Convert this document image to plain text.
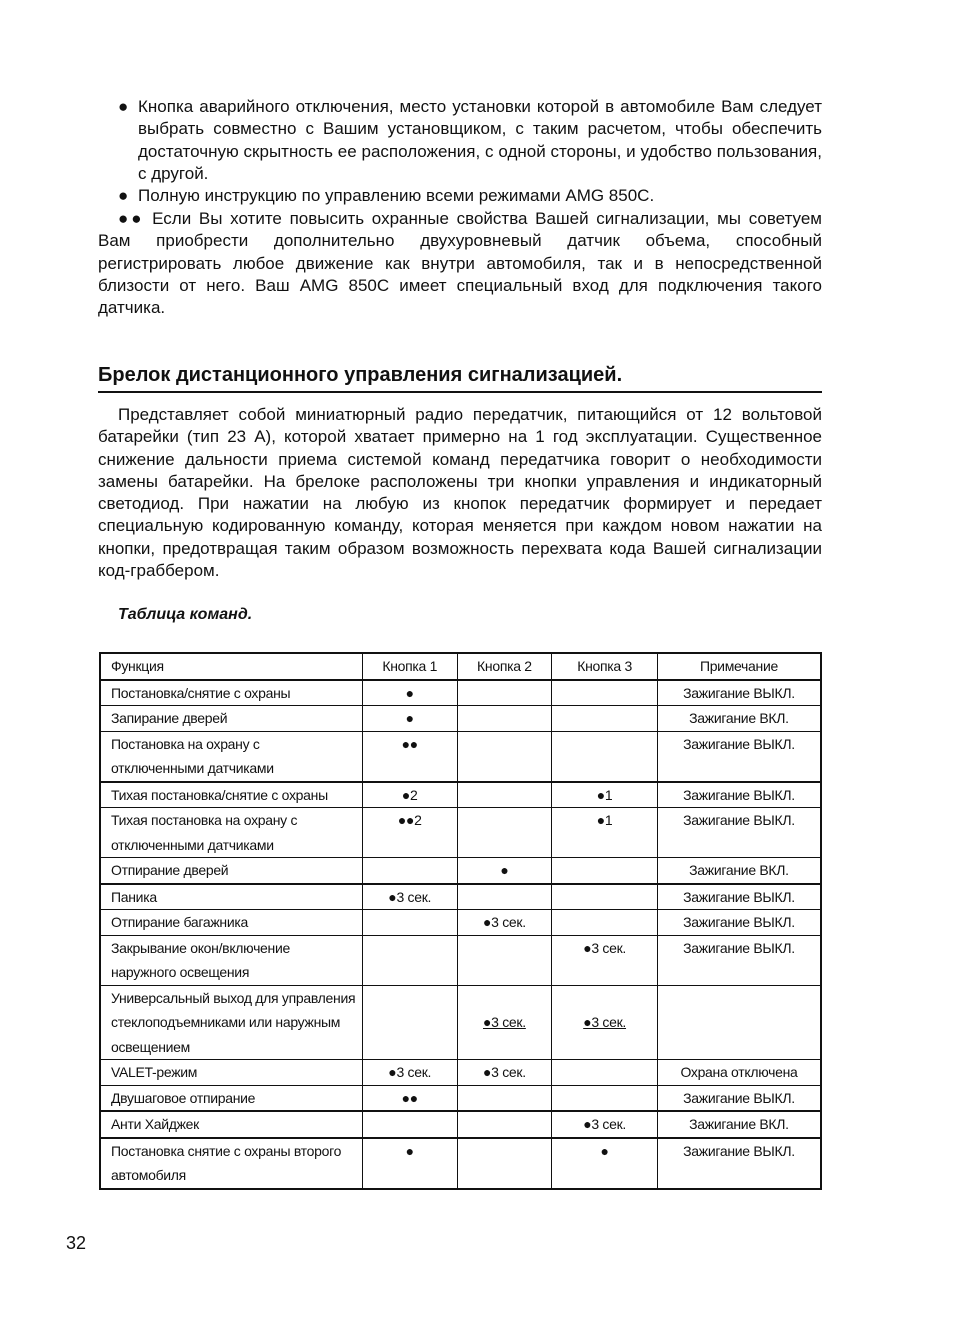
● Кнопка аварийного отключения, место установки которой в автомобиле Вам следует выбрать совместно с Вашим установщиком, с таким расчетом, чтобы обеспечить достаточную скрытность ее расположения, с одной стороны, и удобство пользования, с другой.
● Полную инструкцию по управлению всеми режимами AMG 850С.

●● Если Вы хотите повысить охранные свойства Вашей сигнализации, мы советуем Вам приобрести дополнительно двухуровневый датчик объема, способный регистрировать любое движение как внутри автомобиля, так и в непосредственной близости от него. Ваш AMG 850C имеет специальный вход для подключения такого датчика.

Брелок дистанционного управления сигнализацией.

Представляет собой миниатюрный радио передатчик, питающийся от 12 вольтовой батарейки (тип 23 А), которой хватает примерно на 1 год эксплуатации. Существенное снижение дальности приема системой команд передатчика говорит о необходимости замены батарейки. На брелоке расположены три кнопки управления и индикаторный светодиод. При нажатии на любую из кнопок передатчик формирует и передает специальную кодированную команду, которая меняется при каждом новом нажатии на кнопки, предотвращая таким образом возможность перехвата кода Вашей сигнализации код-граббером.

Таблица команд.

Функция	Кнопка 1	Кнопка 2	Кнопка 3	Примечание
Постановка/снятие с охраны	●			Зажигание ВЫКЛ.
Запирание дверей	●			Зажигание ВКЛ.
Постановка на охрану с отключенными датчиками	●●			Зажигание ВЫКЛ.
Тихая постановка/снятие с охраны	●2		●1	Зажигание ВЫКЛ.
Тихая постановка на охрану с отключенными датчиками	●●2		●1	Зажигание ВЫКЛ.
Отпирание дверей		●		Зажигание ВКЛ.
Паника	●3 сек.			Зажигание ВЫКЛ.
Отпирание багажника		●3 сек.		Зажигание ВЫКЛ.
Закрывание окон/включение наружного освещения			●3 сек.	Зажигание ВЫКЛ.
Универсальный выход для управления стеклоподъемниками или наружным освещением		●3 сек.	●3 сек.	
VALET-режим	●3 сек.	●3 сек.		Охрана отключена
Двушаговое отпирание	●●			Зажигание ВЫКЛ.
Анти Хайджек			●3 сек.	Зажигание ВКЛ.
Постановка снятие с охраны второго автомобиля	●		●	Зажигание ВЫКЛ.

32
